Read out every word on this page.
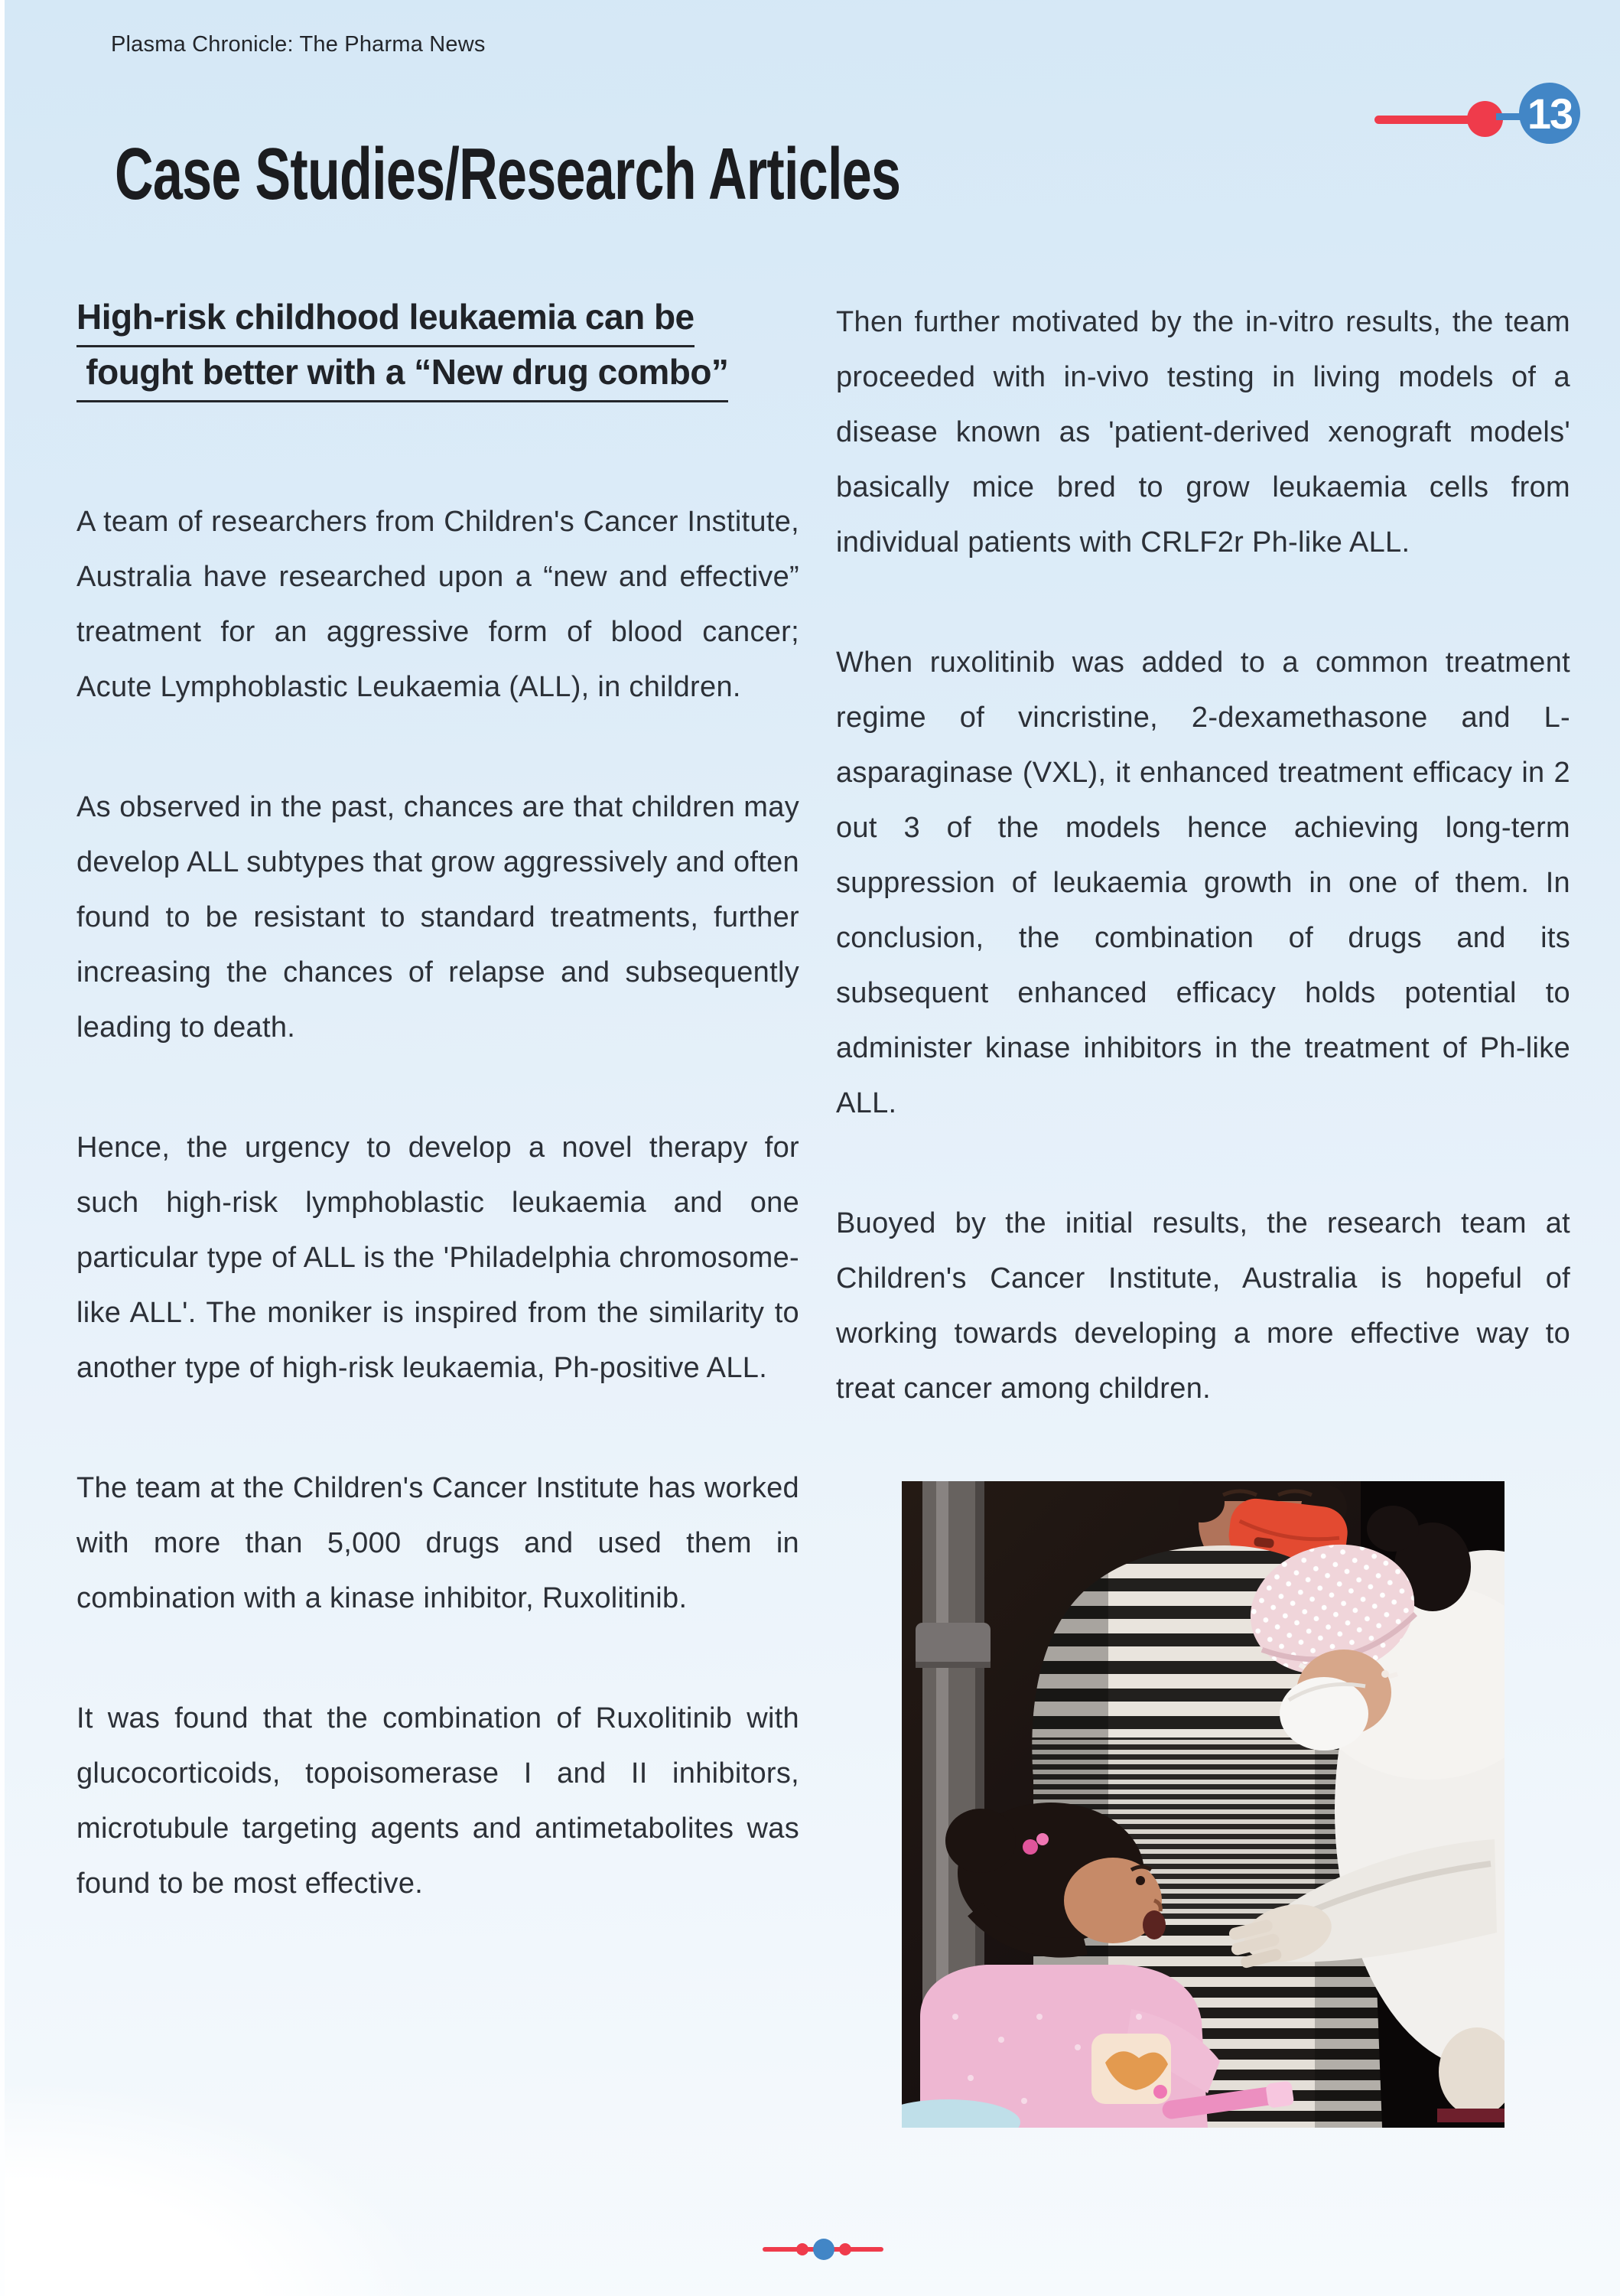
Plasma Chronicle: The Pharma News
13
Case Studies/Research Articles
High-risk childhood leukaemia can be
fought better with a “New drug combo”

A team of researchers from Children's Cancer Institute, Australia have researched upon a “new and effective” treatment for an aggressive form of blood cancer; Acute Lymphoblastic Leukaemia (ALL), in children.

As observed in the past, chances are that children may develop ALL subtypes that grow aggressively and often found to be resistant to standard treatments, further increasing the chances of relapse and subsequently leading to death.

Hence, the urgency to develop a novel therapy for such high-risk lymphoblastic leukaemia and one particular type of ALL is the 'Philadelphia chromosome-like ALL'. The moniker is inspired from the similarity to another type of high-risk leukaemia, Ph-positive ALL.

The team at the Children's Cancer Institute has worked with more than 5,000 drugs and used them in combination with a kinase inhibitor, Ruxolitinib.

It was found that the combination of Ruxolitinib with glucocorticoids, topoisomerase I and II inhibitors, microtubule targeting agents and antimetabolites was found to be most effective.

Then further motivated by the in-vitro results, the team proceeded with in-vivo testing in living models of a disease known as 'patient-derived xenograft models' basically mice bred to grow leukaemia cells from individual patients with CRLF2r Ph-like ALL.

When ruxolitinib was added to a common treatment regime of vincristine, 2-dexamethasone and L-asparaginase (VXL), it enhanced treatment efficacy in 2 out 3 of the models hence achieving long-term suppression of leukaemia growth in one of them. In conclusion, the combination of drugs and its subsequent enhanced efficacy holds potential to administer kinase inhibitors in the treatment of Ph-like ALL.

Buoyed by the initial results, the research team at Children's Cancer Institute, Australia is hopeful of working towards developing a more effective way to treat cancer among children.
